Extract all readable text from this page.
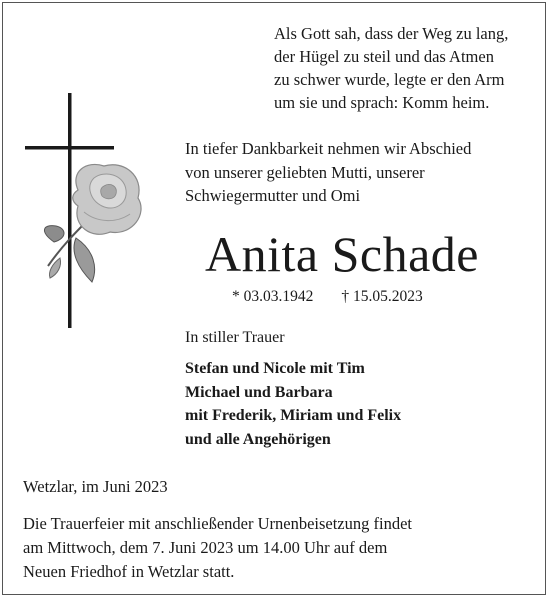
Als Gott sah, dass der Weg zu lang,
der Hügel zu steil und das Atmen
zu schwer wurde, legte er den Arm
um sie und sprach: Komm heim.
In tiefer Dankbarkeit nehmen wir Abschied
von unserer geliebten Mutti, unserer
Schwiegermutter und Omi
Anita Schade
* 03.03.1942 † 15.05.2023
In stiller Trauer
Stefan und Nicole mit Tim
Michael und Barbara
mit Frederik, Miriam und Felix
und alle Angehörigen
Wetzlar, im Juni 2023
Die Trauerfeier mit anschließender Urnenbeisetzung findet
am Mittwoch, dem 7. Juni 2023 um 14.00 Uhr auf dem
Neuen Friedhof in Wetzlar statt.
